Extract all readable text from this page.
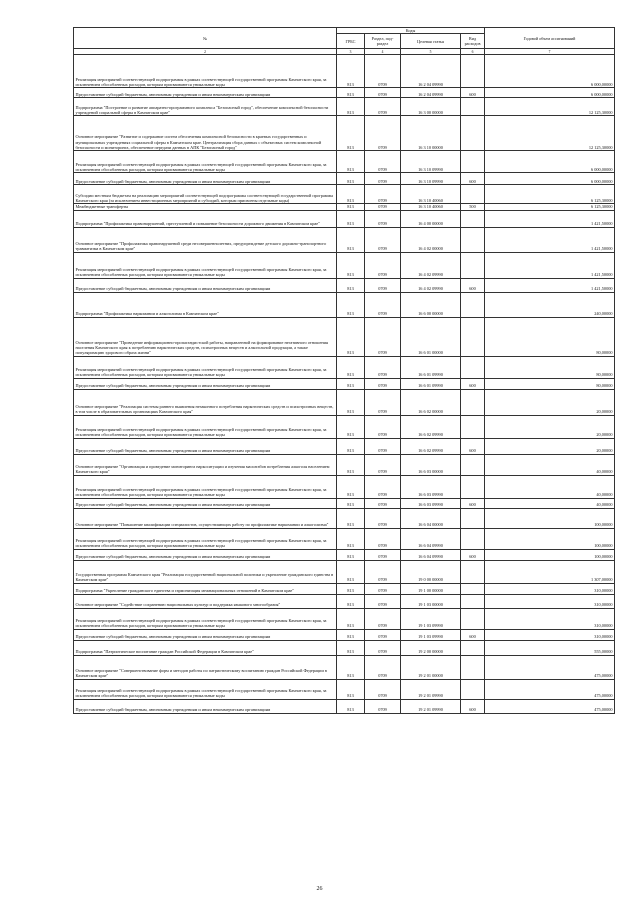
№	Коды				Годовой объем ассигнований
	ГРБС	Раздел, под-раздел	Целевая статья	Вид расходов	
2	3	4	5	6	7
Реализация мероприятий соответствующей подпрограммы в рамках соответствующей государственной программы Камчатского края, за исключением обособленных расходов, которым присваиваются уникальные коды	813	0709	16 2 04 09990		6 000,00000
Предоставление субсидий бюджетным, автономным учреждениям и иным некоммерческим организациям	813	0709	16 2 04 09990	600	6 000,00000
Подпрограмма "Построение и развитие аппаратно-программного комплекса "Безопасный город", обеспечение комплексной безопасности учреждений социальной сферы в Камчатском крае"	813	0709	16 3 00 00000		12 125,30000
Основное мероприятие "Развитие и содержание систем обеспечения комплексной безопасности в краевых государственных и муниципальных учреждениях социальной сферы в Камчатском крае. Централизация сбора данных с объектовых систем комплексной безопасности и мониторинга, обеспечение передачи данных в АПК "Безопасный город"	813	0709	16 3 10 00000		12 125,30000
Реализация мероприятий соответствующей подпрограммы в рамках соответствующей государственной программы Камчатского края, за исключением обособленных расходов, которым присваиваются уникальные коды	813	0709	16 3 10 09990		6 000,00000
Предоставление субсидий бюджетным, автономным учреждениям и иным некоммерческим организациям	813	0709	16 3 10 09990	600	6 000,00000
Субсидии местным бюджетам на реализацию мероприятий соответствующей подпрограммы соответствующей государственной программы Камчатского края (за исключением инвестиционных мероприятий и субсидий, которым присвоены отдельные коды)	813	0709	16 3 10 40060		6 125,30000
Межбюджетные трансферты	813	0709	16 3 10 40060	500	6 125,30000
Подпрограмма "Профилактика правонарушений, преступлений и повышение безопасности дорожного движения в Камчатском крае"	813	0709	16 4 00 00000		1 421,50000
Основное мероприятие "Профилактика правонарушений среди несовершеннолетних, предупреждение детского дорожно-транспортного травматизма в Камчатском крае"	813	0709	16 4 02 00000		1 421,50000
Реализация мероприятий соответствующей подпрограммы в рамках соответствующей государственной программы Камчатского края, за исключением обособленных расходов, которым присваиваются уникальные коды	813	0709	16 4 02 09990		1 421,50000
Предоставление субсидий бюджетным, автономным учреждениям и иным некоммерческим организациям	813	0709	16 4 02 09990	600	1 421,50000
Подпрограмма "Профилактика наркомании и алкоголизма в Камчатском крае"	813	0709	16 6 00 00000		240,00000
Основное мероприятие "Проведение информационно-пропагандистской работы, направленной на формирование негативного отношения населения Камчатского края к потреблению наркотических средств, психотропных веществ и алкогольной продукции, а также популяризацию здорового образа жизни"	813	0709	16 6 01 00000		80,00000
Реализация мероприятий соответствующей подпрограммы в рамках соответствующей государственной программы Камчатского края, за исключением обособленных расходов, которым присваиваются уникальные коды	813	0709	16 6 01 09990		80,00000
Предоставление субсидий бюджетным, автономным учреждениям и иным некоммерческим организациям	813	0709	16 6 01 09990	600	80,00000
Основное мероприятие "Реализация системы раннего выявления незаконного потребления наркотических средств и психотропных веществ, в том числе в образовательных организациях Камчатского края"	813	0709	16 6 02 00000		20,00000
Реализация мероприятий соответствующей подпрограммы в рамках соответствующей государственной программы Камчатского края, за исключением обособленных расходов, которым присваиваются уникальные коды	813	0709	16 6 02 09990		20,00000
Предоставление субсидий бюджетным, автономным учреждениям и иным некоммерческим организациям	813	0709	16 6 02 09990	600	20,00000
Основное мероприятие "Организация и проведение мониторинга наркоситуации и изучения масштабов потребления алкоголя населением Камчатского края"	813	0709	16 6 03 00000		40,00000
Реализация мероприятий соответствующей подпрограммы в рамках соответствующей государственной программы Камчатского края, за исключением обособленных расходов, которым присваиваются уникальные коды	813	0709	16 6 03 09990		40,00000
Предоставление субсидий бюджетным, автономным учреждениям и иным некоммерческим организациям	813	0709	16 6 03 09990	600	40,00000
Основное мероприятие "Повышение квалификации специалистов, осуществляющих работу по профилактике наркомании и алкоголизма"	813	0709	16 6 04 00000		100,00000
Реализация мероприятий соответствующей подпрограммы в рамках соответствующей государственной программы Камчатского края, за исключением обособленных расходов, которым присваиваются уникальные коды	813	0709	16 6 04 09990		100,00000
Предоставление субсидий бюджетным, автономным учреждениям и иным некоммерческим организациям	813	0709	16 6 04 09990	600	100,00000
Государственная программа Камчатского края "Реализация государственной национальной политики и укрепление гражданского единства в Камчатском крае"	813	0709	19 0 00 00000		1 307,00000
Подпрограмма "Укрепление гражданского единства и гармонизация межнациональных отношений в Камчатском крае"	813	0709	19 1 00 00000		310,00000
Основное мероприятие "Содействие сохранению национальных культур и поддержка языкового многообразия"	813	0709	19 1 03 00000		310,00000
Реализация мероприятий соответствующей подпрограммы в рамках соответствующей государственной программы Камчатского края, за исключением обособленных расходов, которым присваиваются уникальные коды	813	0709	19 1 03 09990		310,00000
Предоставление субсидий бюджетным, автономным учреждениям и иным некоммерческим организациям	813	0709	19 1 03 09990	600	310,00000
Подпрограмма "Патриотическое воспитание граждан Российской Федерации в Камчатском крае"	813	0709	19 2 00 00000		555,00000
Основное мероприятие "Совершенствование форм и методов работы по патриотическому воспитанию граждан Российской Федерации в Камчатском крае"	813	0709	19 2 01 00000		475,00000
Реализация мероприятий соответствующей подпрограммы в рамках соответствующей государственной программы Камчатского края, за исключением обособленных расходов, которым присваиваются уникальные коды	813	0709	19 2 01 09990		475,00000
Предоставление субсидий бюджетным, автономным учреждениям и иным некоммерческим организациям	813	0709	19 2 01 09990	600	475,00000
26
